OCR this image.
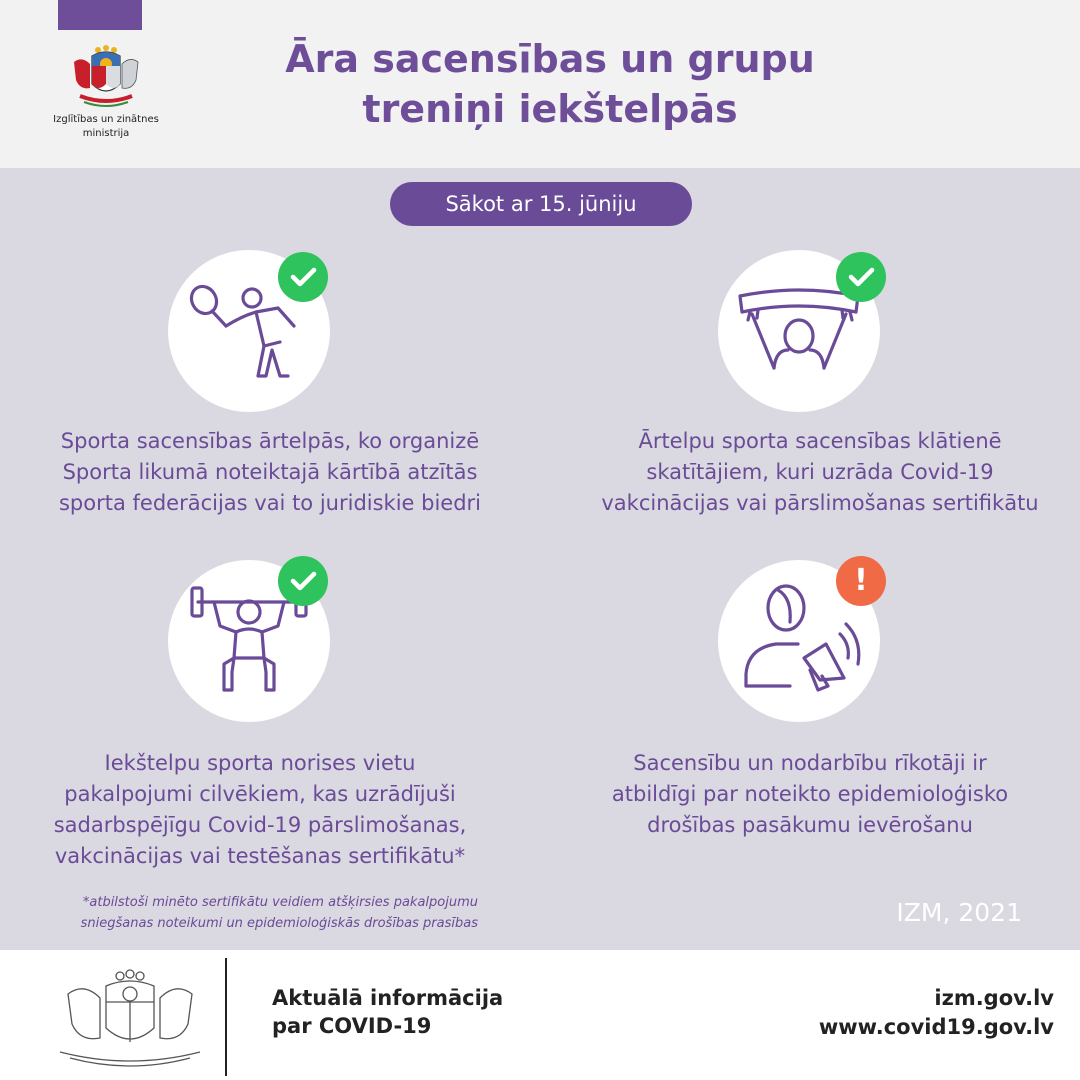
Izglītības un zinātnes
ministrija
Āra sacensības un grupu
treniņi iekštelpās
Sākot ar 15. jūniju
Sporta sacensības ārtelpās, ko organizē
Sporta likumā noteiktajā kārtībā atzītās
sporta federācijas vai to juridiskie biedri
Ārtelpu sporta sacensības klātienē
skatītājiem, kuri uzrāda Covid-19
vakcinācijas vai pārslimošanas sertifikātu
Iekštelpu sporta norises vietu
pakalpojumi cilvēkiem, kas uzrādījuši
sadarbspējīgu Covid-19 pārslimošanas,
vakcinācijas vai testēšanas sertifikātu*
!
Sacensību un nodarbību rīkotāji ir
atbildīgi par noteikto epidemioloģisko
drošības pasākumu ievērošanu
*atbilstoši minēto sertifikātu veidiem atšķirsies pakalpojumu
sniegšanas noteikumi un epidemioloģiskās drošības prasības	IZM, 2021
Aktuālā informācija
par COVID-19
izm.gov.lv
www.covid19.gov.lv
